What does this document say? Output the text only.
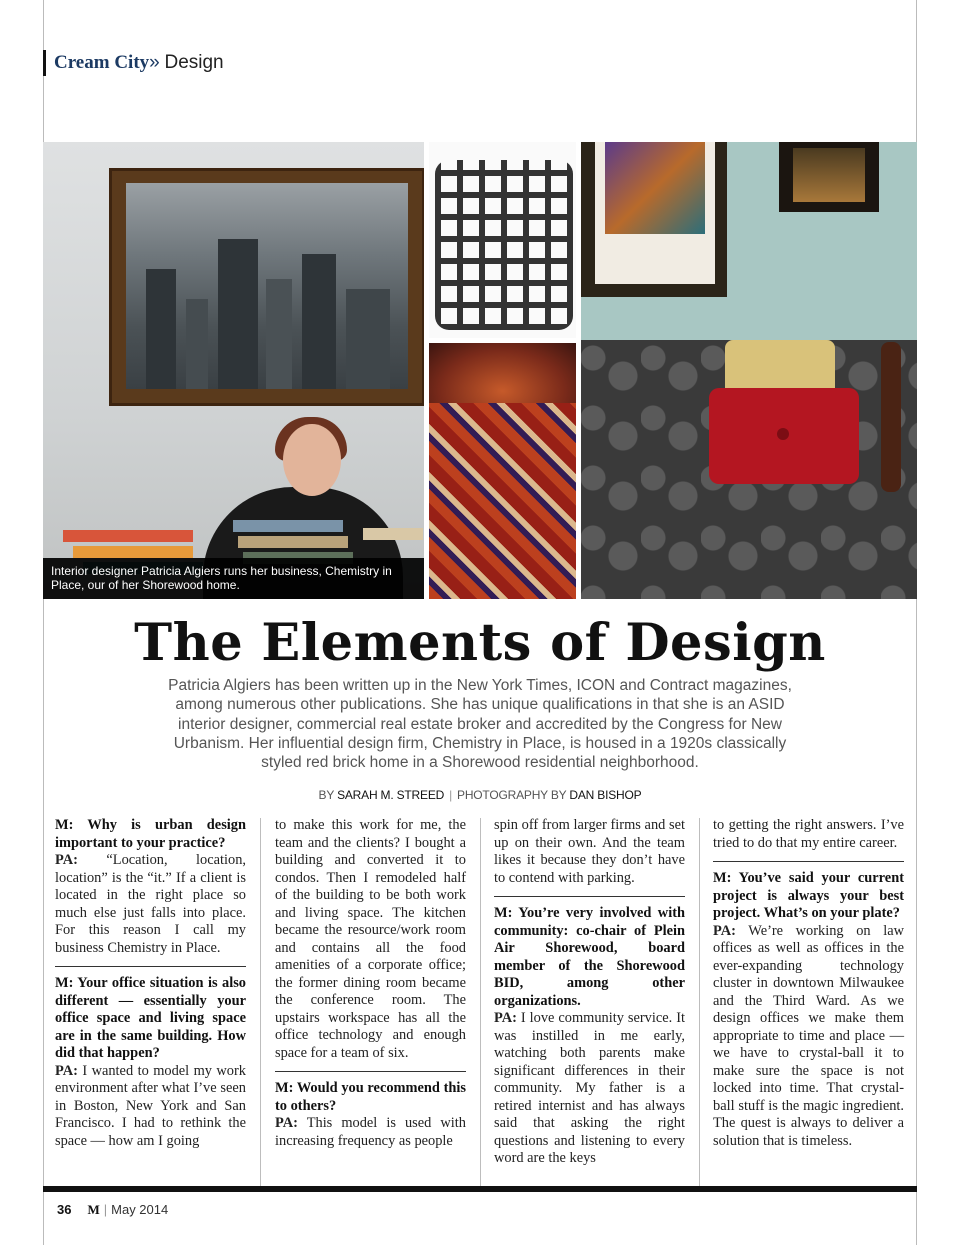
Cream City» Design
Interior designer Patricia Algiers runs her business, Chemistry in Place, our of her Shorewood home.
The Elements of Design
Patricia Algiers has been written up in the New York Times, ICON and Contract magazines, among numerous other publications. She has unique qualifications in that she is an ASID interior designer, commercial real estate broker and accredited by the Congress for New Urbanism. Her influential design firm, Chemistry in Place, is housed in a 1920s classically styled red brick home in a Shorewood residential neighborhood.
BY SARAH M. STREED | PHOTOGRAPHY BY DAN BISHOP

M: Why is urban design important to your practice?

PA: “Location, location, location” is the “it.” If a client is located in the right place so much else just falls into place. For this reason I call my business Chemistry in Place.

M: Your office situation is also different — essentially your office space and living space are in the same building. How did that happen?

PA: I wanted to model my work environment after what I’ve seen in Boston, New York and San Francisco. I had to rethink the space — how am I going

to make this work for me, the team and the clients? I bought a building and converted it to condos. Then I remodeled half of the building to be both work and living space. The kitchen became the resource/work room and contains all the food amenities of a corporate office; the former dining room became the conference room. The upstairs workspace has all the office technology and enough space for a team of six.

M: Would you recommend this to others?

PA: This model is used with increasing frequency as people

spin off from larger firms and set up on their own. And the team likes it because they don’t have to contend with parking.

M: You’re very involved with community: co-chair of Plein Air Shorewood, board member of the Shorewood BID, among other organizations.

PA: I love community service. It was instilled in me early, watching both parents make significant differences in their community. My father is a retired internist and has always said that asking the right questions and listening to every word are the keys

to getting the right answers. I’ve tried to do that my entire career.

M: You’ve said your current project is always your best project. What’s on your plate?

PA: We’re working on law offices as well as offices in the ever-expanding technology cluster in downtown Milwaukee and the Third Ward. As we design offices we make them appropriate to time and place — we have to crystal-ball it to make sure the space is not locked into time. That crystal-ball stuff is the magic ingredient. The quest is always to deliver a solution that is timeless.

36 M | May 2014
